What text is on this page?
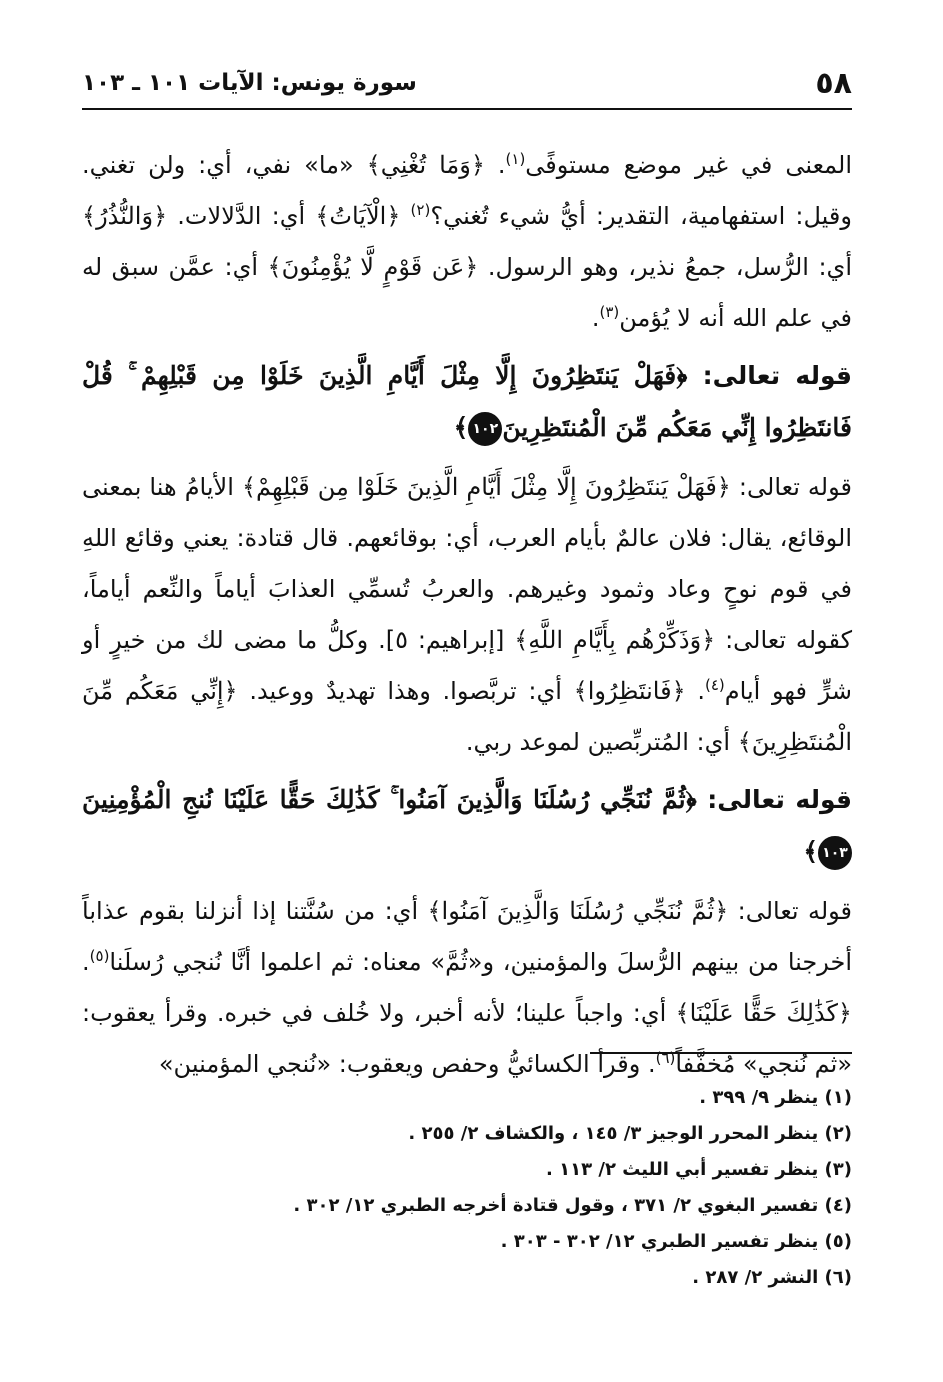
٥٨
سورة يونس: الآيات ١٠١ ـ ١٠٣

المعنى في غير موضع مستوفًى$^{(١)}$. ﴿وَمَا تُغْنِي﴾ «ما» نفي، أي: ولن تغني. وقيل: استفهامية، التقدير: أيُّ شيء تُغني؟$^{(٢)}$ ﴿الْآيَاتُ﴾ أي: الدَّلالات. ﴿وَالنُّذُرُ﴾ أي: الرُّسل، جمعُ نذير، وهو الرسول. ﴿عَن قَوْمٍ لَّا يُؤْمِنُونَ﴾ أي: عمَّن سبق له في علم الله أنه لا يُؤمن$^{(٣)}$.

قوله تعالى: ﴿فَهَلْ يَنتَظِرُونَ إِلَّا مِثْلَ أَيَّامِ الَّذِينَ خَلَوْا مِن قَبْلِهِمْ ۚ قُلْ فَانتَظِرُوا إِنِّي مَعَكُم مِّنَ الْمُنتَظِرِينَ١٠٢﴾

قوله تعالى: ﴿فَهَلْ يَنتَظِرُونَ إِلَّا مِثْلَ أَيَّامِ الَّذِينَ خَلَوْا مِن قَبْلِهِمْ﴾ الأيامُ هنا بمعنى الوقائع، يقال: فلان عالمٌ بأيام العرب، أي: بوقائعهم. قال قتادة: يعني وقائع اللهِ في قوم نوحٍ وعاد وثمود وغيرهم. والعربُ تُسمِّي العذابَ أياماً والنِّعم أياماً، كقوله تعالى: ﴿وَذَكِّرْهُم بِأَيَّامِ اللَّهِ﴾ [إبراهيم: ٥]. وكلُّ ما مضى لك من خيرٍ أو شرٍّ فهو أيام$^{(٤)}$. ﴿فَانتَظِرُوا﴾ أي: تربَّصوا. وهذا تهديدٌ ووعيد. ﴿إِنِّي مَعَكُم مِّنَ الْمُنتَظِرِينَ﴾ أي: المُتربِّصين لموعد ربي.

قوله تعالى: ﴿ثُمَّ نُنَجِّي رُسُلَنَا وَالَّذِينَ آمَنُوا ۚ كَذَٰلِكَ حَقًّا عَلَيْنَا نُنجِ الْمُؤْمِنِينَ١٠٣﴾

قوله تعالى: ﴿ثُمَّ نُنَجِّي رُسُلَنَا وَالَّذِينَ آمَنُوا﴾ أي: من سُنَّتنا إذا أنزلنا بقوم عذاباً أخرجنا من بينهم الرُّسلَ والمؤمنين، و«ثُمَّ» معناه: ثم اعلموا أنَّا نُنجي رُسلَنا$^{(٥)}$. ﴿كَذَٰلِكَ حَقًّا عَلَيْنَا﴾ أي: واجباً علينا؛ لأنه أخبر، ولا خُلف في خبره. وقرأ يعقوب: «ثم نُنجي» مُخفَّفاً$^{(٦)}$. وقرأ الكسائيُّ وحفص ويعقوب: «نُنجي المؤمنين»

(١) ينظر ٩/ ٣٩٩ .

(٢) ينظر المحرر الوجيز ٣/ ١٤٥ ، والكشاف ٢/ ٢٥٥ .

(٣) ينظر تفسير أبي الليث ٢/ ١١٣ .

(٤) تفسير البغوي ٢/ ٣٧١ ، وقول قتادة أخرجه الطبري ١٢/ ٣٠٢ .

(٥) ينظر تفسير الطبري ١٢/ ٣٠٢ - ٣٠٣ .

(٦) النشر ٢/ ٢٨٧ .
